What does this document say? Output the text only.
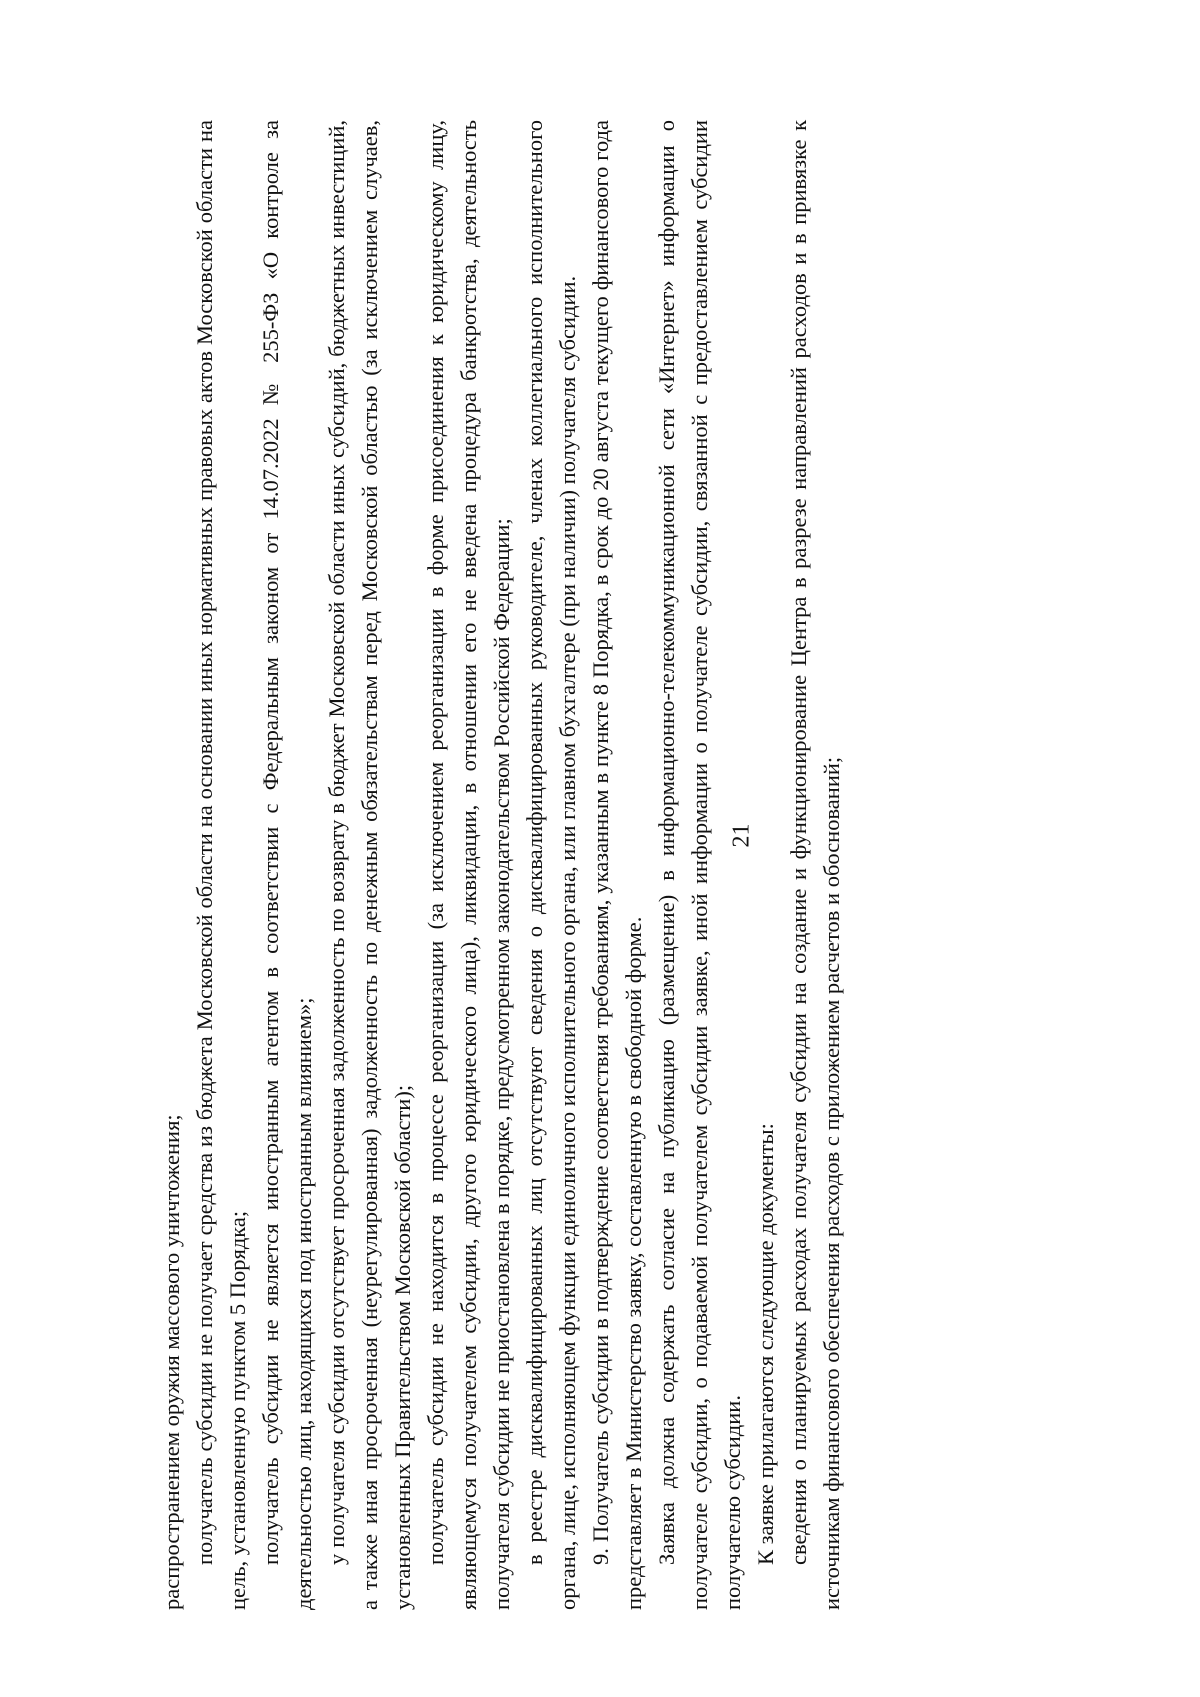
21

распространением оружия массового уничтожения; получатель субсидии не получает средства из бюджета Московской области на основании иных нормативных правовых актов Московской области на цель, установленную пунктом 5 Порядка; получатель субсидии не является иностранным агентом в соответствии с Федеральным законом от 14.07.2022 № 255-ФЗ «О контроле за деятельностью лиц, находящихся под иностранным влиянием»; у получателя субсидии отсутствует просроченная задолженность по возврату в бюджет Московской области иных субсидий, бюджетных инвестиций, а также иная просроченная (неурегулированная) задолженность по денежным обязательствам перед Московской областью (за исключением случаев, установленных Правительством Московской области); получатель субсидии не находится в процессе реорганизации (за исключением реорганизации в форме присоединения к юридическому лицу, являющемуся получателем субсидии, другого юридического лица), ликвидации, в отношении его не введена процедура банкротства, деятельность получателя субсидии не приостановлена в порядке, предусмотренном законодательством Российской Федерации; в реестре дисквалифицированных лиц отсутствуют сведения о дисквалифицированных руководителе, членах коллегиального исполнительного органа, лице, исполняющем функции единоличного исполнительного органа, или главном бухгалтере (при наличии) получателя субсидии. 9. Получатель субсидии в подтверждение соответствия требованиям, указанным в пункте 8 Порядка, в срок до 20 августа текущего финансового года представляет в Министерство заявку, составленную в свободной форме. Заявка должна содержать согласие на публикацию (размещение) в информационно-телекоммуникационной сети «Интернет» информации о получателе субсидии, о подаваемой получателем субсидии заявке, иной информации о получателе субсидии, связанной с предоставлением субсидии получателю субсидии. К заявке прилагаются следующие документы: сведения о планируемых расходах получателя субсидии на создание и функционирование Центра в разрезе направлений расходов и в привязке к источникам финансового обеспечения расходов с приложением расчетов и обоснований;
